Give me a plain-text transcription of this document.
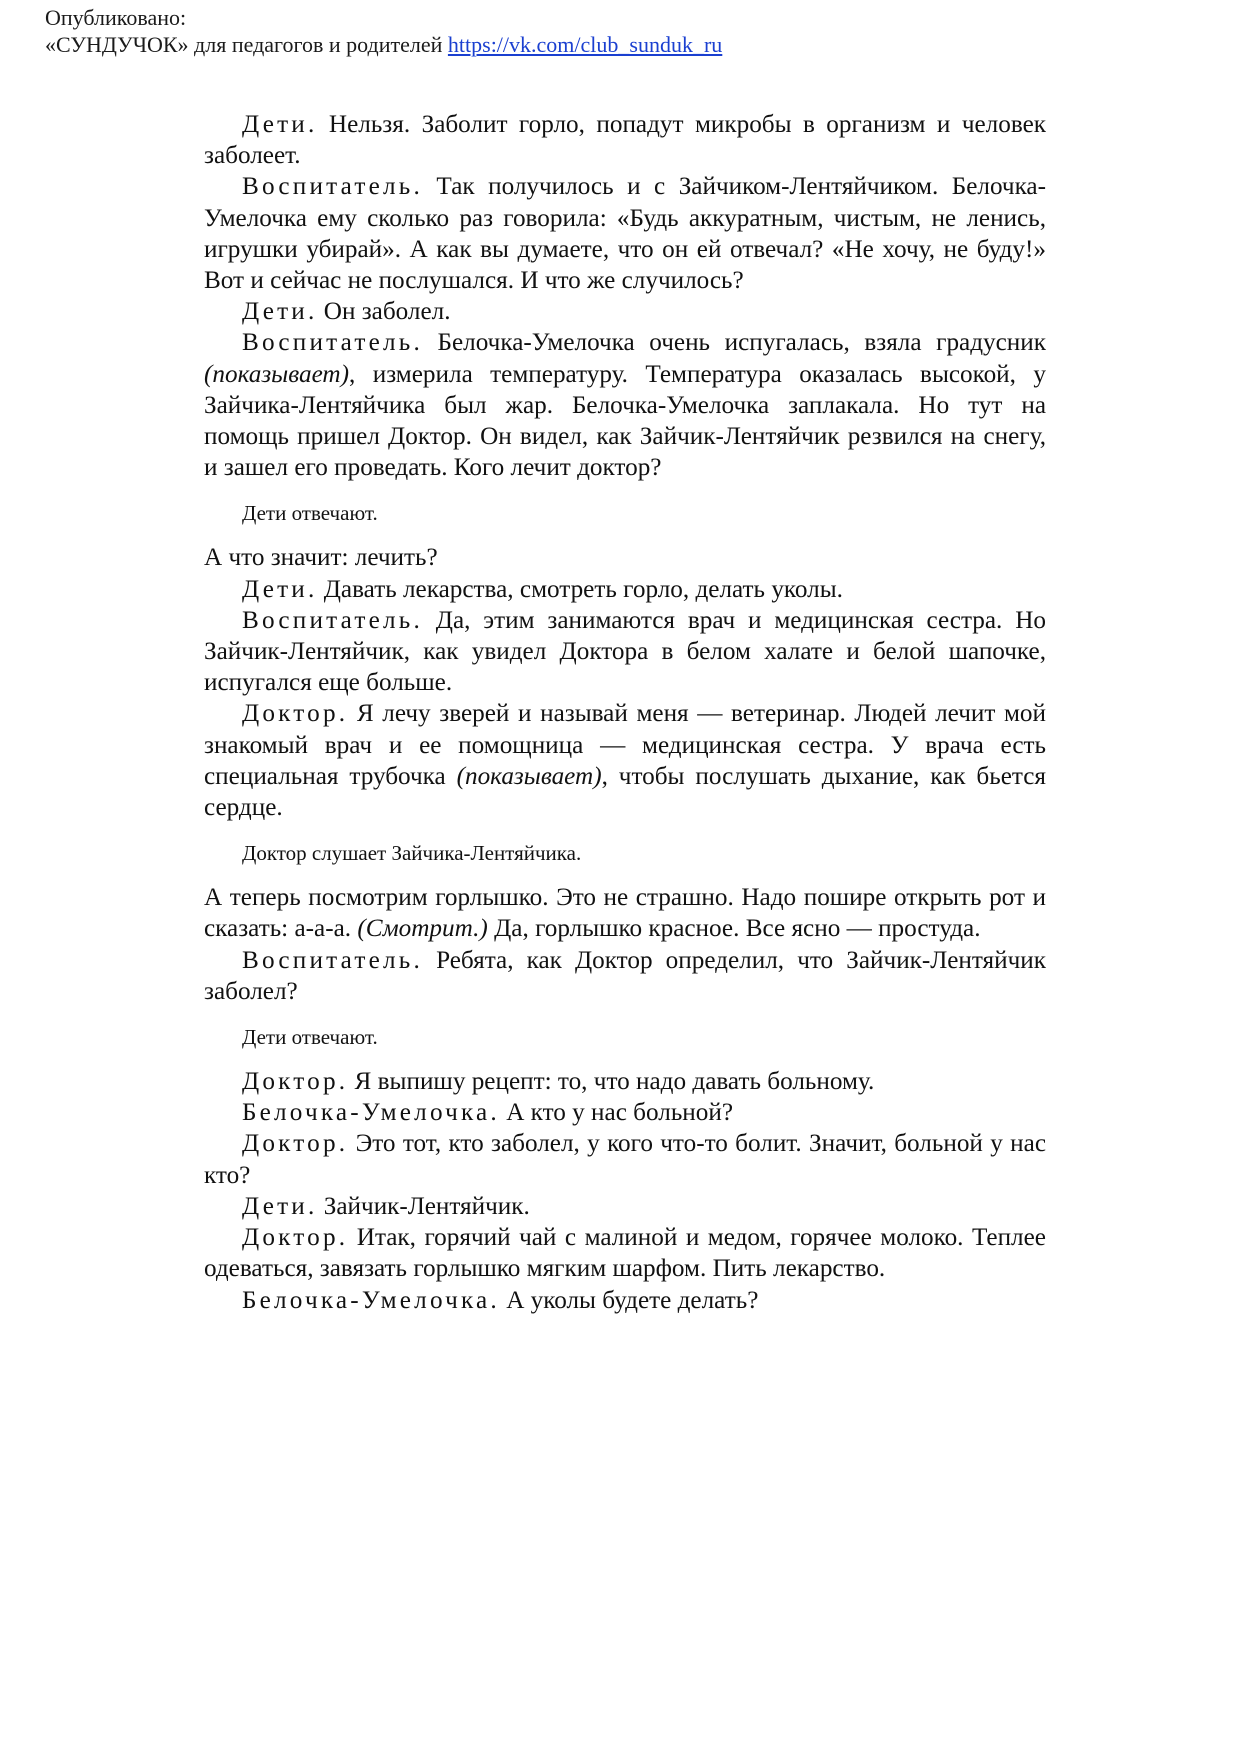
Опубликовано:
«СУНДУЧОК» для педагогов и родителей https://vk.com/club_sunduk_ru

Дети. Нельзя. Заболит горло, попадут микробы в организм и человек заболеет.

Воспитатель. Так получилось и с Зайчиком-Лентяйчиком. Белочка-Умелочка ему сколько раз говорила: «Будь аккуратным, чистым, не ленись, игрушки убирай». А как вы думаете, что он ей отвечал? «Не хочу, не буду!» Вот и сейчас не послушался. И что же случилось?

Дети. Он заболел.

Воспитатель. Белочка-Умелочка очень испугалась, взяла градусник (показывает), измерила температуру. Температура оказалась высокой, у Зайчика-Лентяйчика был жар. Белочка-Умелочка заплакала. Но тут на помощь пришел Доктор. Он видел, как Зайчик-Лентяйчик резвился на снегу, и зашел его проведать. Кого лечит доктор?

Дети отвечают.

А что значит: лечить?

Дети. Давать лекарства, смотреть горло, делать уколы.

Воспитатель. Да, этим занимаются врач и медицинская сестра. Но Зайчик-Лентяйчик, как увидел Доктора в белом халате и белой шапочке, испугался еще больше.

Доктор. Я лечу зверей и называй меня — ветеринар. Людей лечит мой знакомый врач и ее помощница — медицинская сестра. У врача есть специальная трубочка (показывает), чтобы послушать дыхание, как бьется сердце.

Доктор слушает Зайчика-Лентяйчика.

А теперь посмотрим горлышко. Это не страшно. Надо пошире открыть рот и сказать: а-а-а. (Смотрит.) Да, горлышко красное. Все ясно — простуда.

Воспитатель. Ребята, как Доктор определил, что Зайчик-Лентяйчик заболел?

Дети отвечают.

Доктор. Я выпишу рецепт: то, что надо давать больному.

Белочка-Умелочка. А кто у нас больной?

Доктор. Это тот, кто заболел, у кого что-то болит. Значит, больной у нас кто?

Дети. Зайчик-Лентяйчик.

Доктор. Итак, горячий чай с малиной и медом, горячее молоко. Теплее одеваться, завязать горлышко мягким шарфом. Пить лекарство.

Белочка-Умелочка. А уколы будете делать?
